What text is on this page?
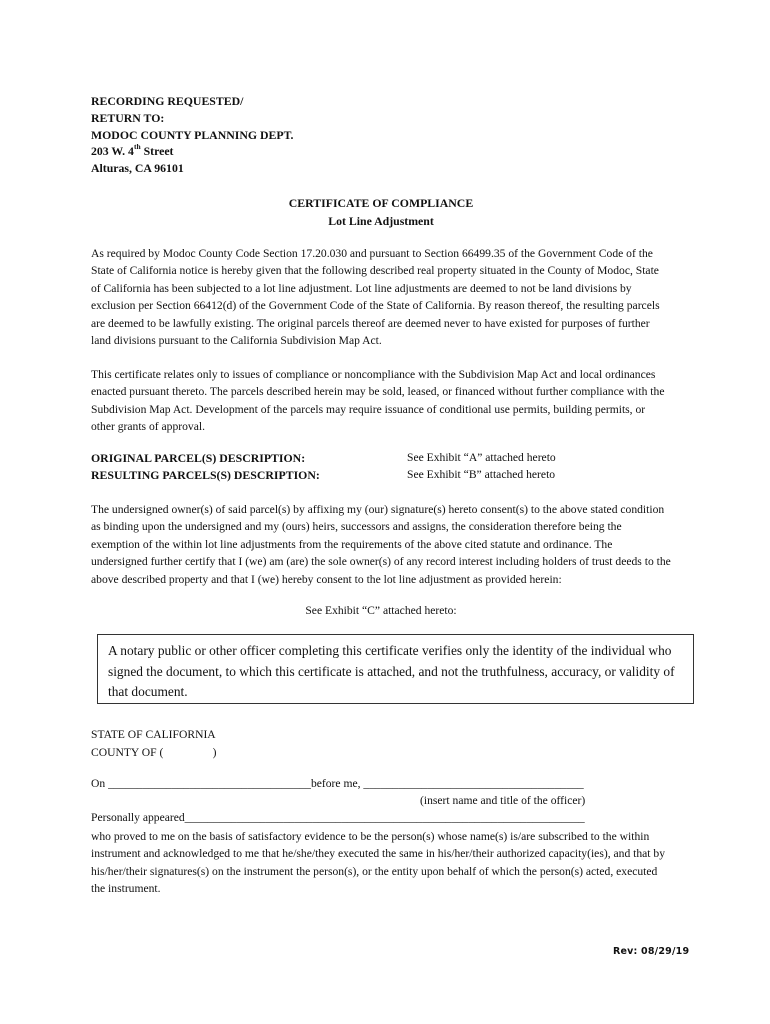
RECORDING REQUESTED/
RETURN TO:
MODOC COUNTY PLANNING DEPT.
203 W. 4th Street
Alturas, CA 96101
CERTIFICATE OF COMPLIANCE
Lot Line Adjustment
As required by Modoc County Code Section 17.20.030 and pursuant to Section 66499.35 of the Government Code of the State of California notice is hereby given that the following described real property situated in the County of Modoc, State of California has been subjected to a lot line adjustment. Lot line adjustments are deemed to not be land divisions by exclusion per Section 66412(d) of the Government Code of the State of California. By reason thereof, the resulting parcels are deemed to be lawfully existing. The original parcels thereof are deemed never to have existed for purposes of further land divisions pursuant to the California Subdivision Map Act.
This certificate relates only to issues of compliance or noncompliance with the Subdivision Map Act and local ordinances enacted pursuant thereto. The parcels described herein may be sold, leased, or financed without further compliance with the Subdivision Map Act. Development of the parcels may require issuance of conditional use permits, building permits, or other grants of approval.
ORIGINAL PARCEL(S) DESCRIPTION:	See Exhibit “A” attached hereto
RESULTING PARCELS(S) DESCRIPTION:	See Exhibit “B” attached hereto
The undersigned owner(s) of said parcel(s) by affixing my (our) signature(s) hereto consent(s) to the above stated condition as binding upon the undersigned and my (ours) heirs, successors and assigns, the consideration therefore being the exemption of the within lot line adjustments from the requirements of the above cited statute and ordinance. The undersigned further certify that I (we) am (are) the sole owner(s) of any record interest including holders of trust deeds to the above described property and that I (we) hereby consent to the lot line adjustment as provided herein:
See Exhibit “C” attached hereto:
A notary public or other officer completing this certificate verifies only the identity of the individual who signed the document, to which this certificate is attached, and not the truthfulness, accuracy, or validity of that document.
STATE OF CALIFORNIA
COUNTY OF (                 )
On ___________________________________before me, ______________________________________
(insert name and title of the officer)
Personally appeared_____________________________________________________________________
who proved to me on the basis of satisfactory evidence to be the person(s) whose name(s) is/are subscribed to the within instrument and acknowledged to me that he/she/they executed the same in his/her/their authorized capacity(ies), and that by his/her/their signatures(s) on the instrument the person(s), or the entity upon behalf of which the person(s) acted, executed the instrument.
Rev: 08/29/19
